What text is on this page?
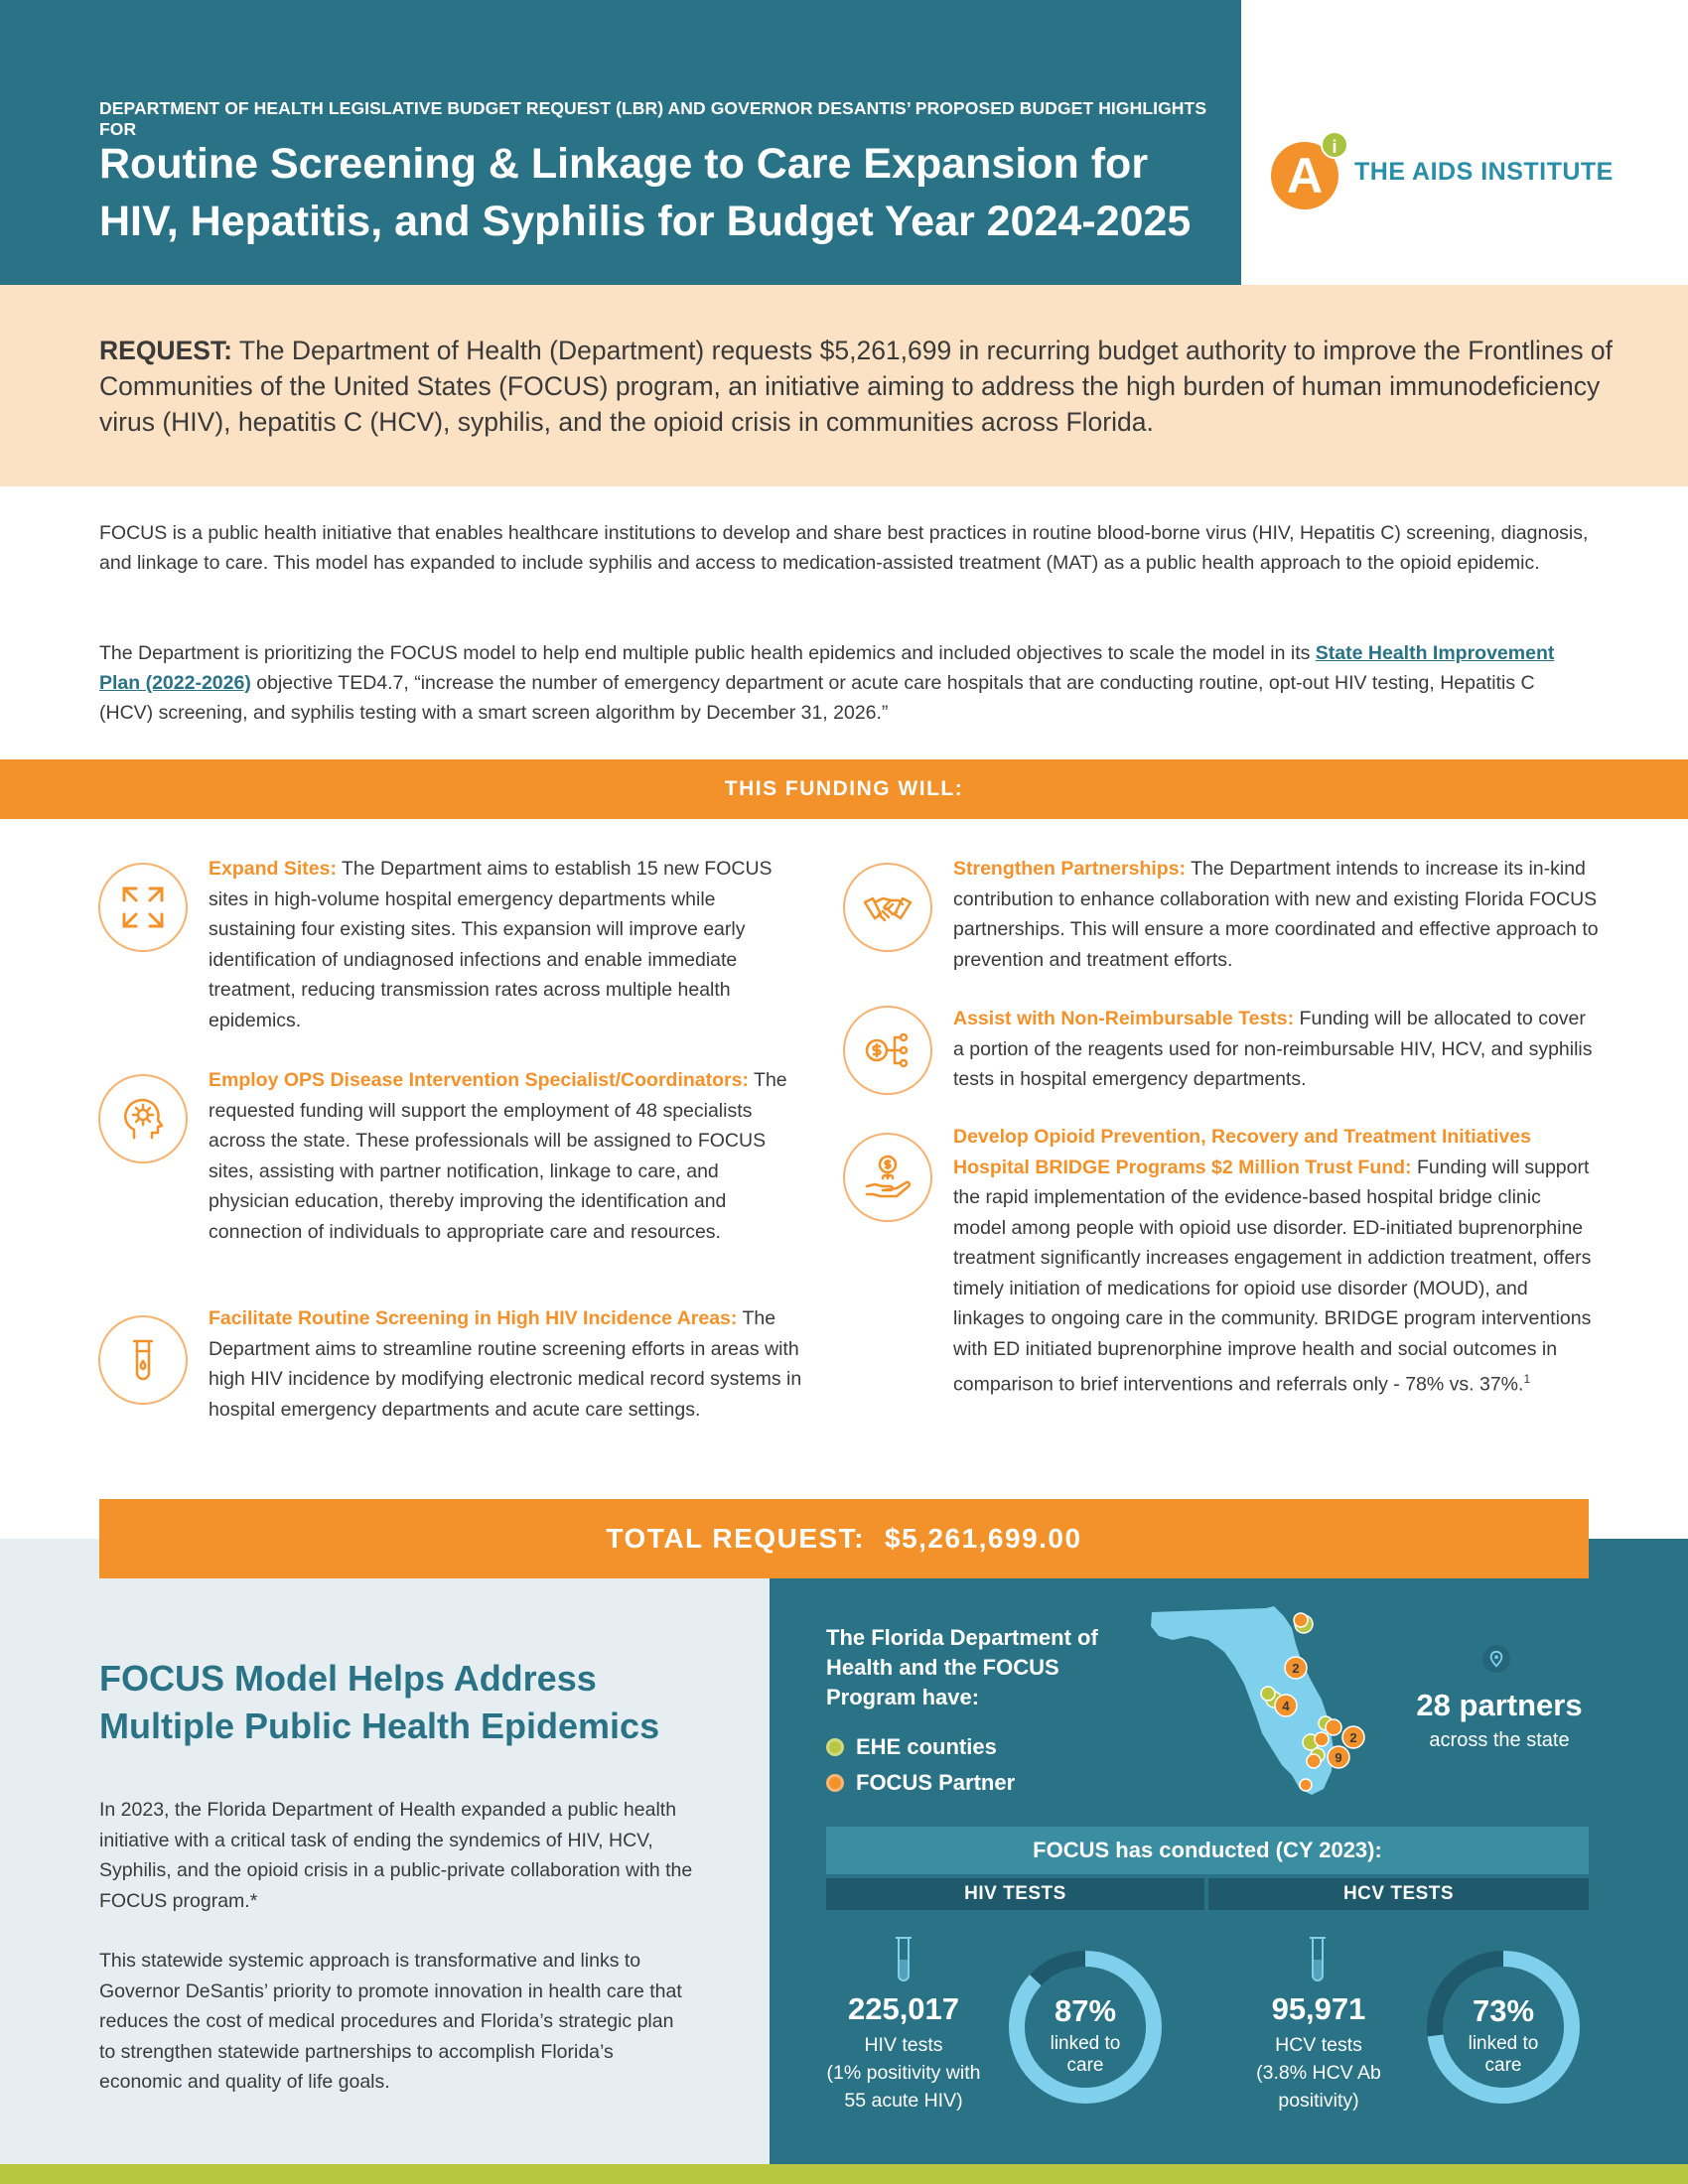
DEPARTMENT OF HEALTH LEGISLATIVE BUDGET REQUEST (LBR) AND GOVERNOR DESANTIS’ PROPOSED BUDGET HIGHLIGHTS FOR
Routine Screening & Linkage to Care Expansion for HIV, Hepatitis, and Syphilis for Budget Year 2024-2025
A
i
THE AIDS INSTITUTE

REQUEST: The Department of Health (Department) requests $5,261,699 in recurring budget authority to improve the Frontlines of Communities of the United States (FOCUS) program, an initiative aiming to address the high burden of human immunodeficiency virus (HIV), hepatitis C (HCV), syphilis, and the opioid crisis in communities across Florida.

FOCUS is a public health initiative that enables healthcare institutions to develop and share best practices in routine blood-borne virus (HIV, Hepatitis C) screening, diagnosis, and linkage to care. This model has expanded to include syphilis and access to medication-assisted treatment (MAT) as a public health approach to the opioid epidemic.

The Department is prioritizing the FOCUS model to help end multiple public health epidemics and included objectives to scale the model in its State Health Improvement Plan (2022-2026) objective TED4.7, “increase the number of emergency department or acute care hospitals that are conducting routine, opt-out HIV testing, Hepatitis C (HCV) screening, and syphilis testing with a smart screen algorithm by December 31, 2026.”

THIS FUNDING WILL:

Expand Sites: The Department aims to establish 15 new FOCUS sites in high-volume hospital emergency departments while sustaining four existing sites. This expansion will improve early identification of undiagnosed infections and enable immediate treatment, reducing transmission rates across multiple health epidemics.

Employ OPS Disease Intervention Specialist/Coordinators: The requested funding will support the employment of 48 specialists across the state. These professionals will be assigned to FOCUS sites, assisting with partner notification, linkage to care, and physician education, thereby improving the identification and connection of individuals to appropriate care and resources.

Facilitate Routine Screening in High HIV Incidence Areas: The Department aims to streamline routine screening efforts in areas with high HIV incidence by modifying electronic medical record systems in hospital emergency departments and acute care settings.

Strengthen Partnerships: The Department intends to increase its in-kind contribution to enhance collaboration with new and existing Florida FOCUS partnerships. This will ensure a more coordinated and effective approach to prevention and treatment efforts.

Assist with Non-Reimbursable Tests: Funding will be allocated to cover a portion of the reagents used for non-reimbursable HIV, HCV, and syphilis tests in hospital emergency departments.

Develop Opioid Prevention, Recovery and Treatment Initiatives Hospital BRIDGE Programs $2 Million Trust Fund: Funding will support the rapid implementation of the evidence-based hospital bridge clinic model among people with opioid use disorder. ED-initiated buprenorphine treatment significantly increases engagement in addiction treatment, offers timely initiation of medications for opioid use disorder (MOUD), and linkages to ongoing care in the community. BRIDGE program interventions with ED initiated buprenorphine improve health and social outcomes in comparison to brief interventions and referrals only - 78% vs. 37%.$^1$

TOTAL REQUEST: $5,261,699.00
FOCUS Model Helps Address Multiple Public Health Epidemics

In 2023, the Florida Department of Health expanded a public health initiative with a critical task of ending the syndemics of HIV, HCV, Syphilis, and the opioid crisis in a public-private collaboration with the FOCUS program.*

This statewide systemic approach is transformative and links to Governor DeSantis’ priority to promote innovation in health care that reduces the cost of medical procedures and Florida’s strategic plan to strengthen statewide partnerships to accomplish Florida’s economic and quality of life goals.

The Florida Department of Health and the FOCUS Program have:
EHE counties
FOCUS Partner
2
4
2
9
28 partners
across the state
FOCUS has conducted (CY 2023):
HIV TESTS	HCV TESTS
225,017
HIV tests
(1% positivity with
55 acute HIV)
87%
linked to
care
95,971
HCV tests
(3.8% HCV Ab
positivity)
73%
linked to
care
